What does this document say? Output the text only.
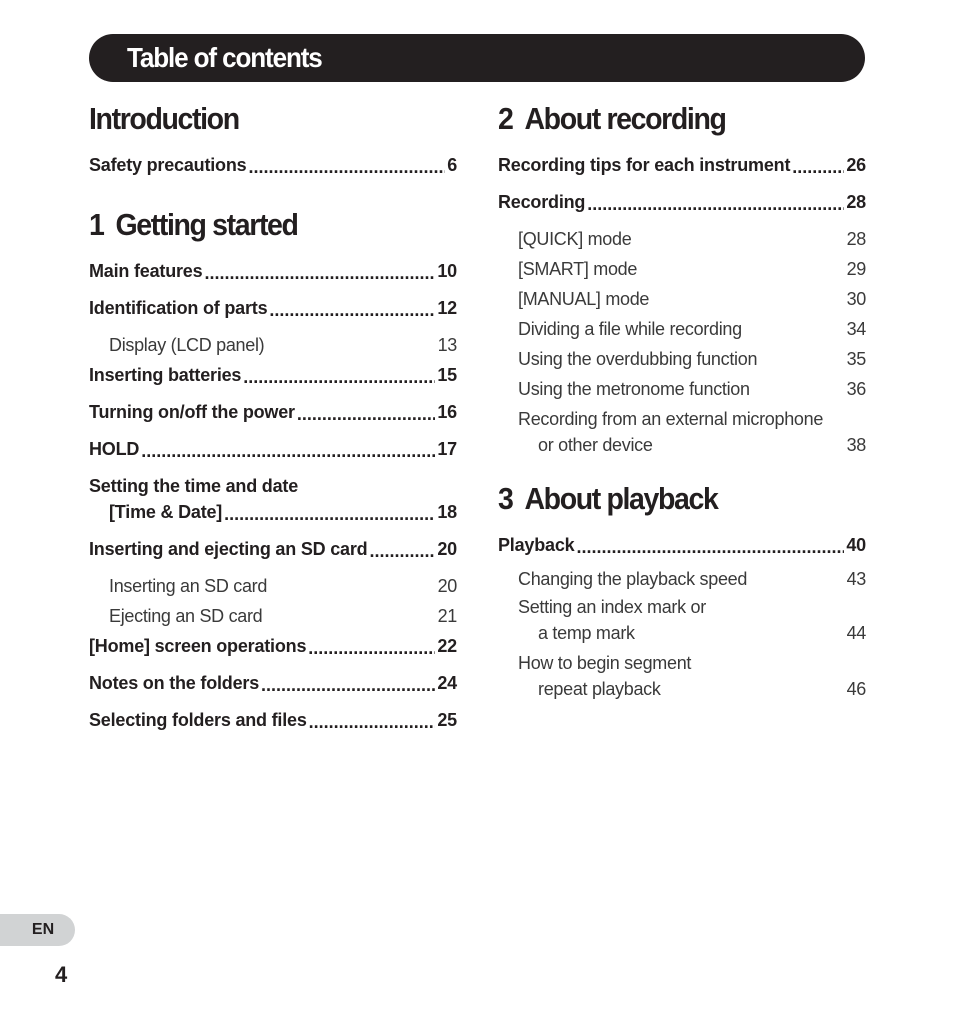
Table of contents
Introduction
Safety precautions .....	6
1 Getting started
Main features .....	10
Identification of parts .....	12
Display (LCD panel) .....	13
Inserting batteries .....	15
Turning on/off the power .....	16
HOLD .....	17
Setting the time and date
[Time & Date] .....	18
Inserting and ejecting an SD card .....	20
Inserting an SD card .....	20
Ejecting an SD card .....	21
[Home] screen operations .....	22
Notes on the folders .....	24
Selecting folders and files .....	25
2 About recording
Recording tips for each instrument .....	26
Recording .....	28
[QUICK] mode .....	28
[SMART] mode .....	29
[MANUAL] mode .....	30
Dividing a file while recording .....	34
Using the overdubbing function .....	35
Using the metronome function .....	36
Recording from an external microphone
or other device .....	38
3 About playback
Playback .....	40
Changing the playback speed .....	43
Setting an index mark or
a temp mark .....	44
How to begin segment
repeat playback .....	46
EN
4
